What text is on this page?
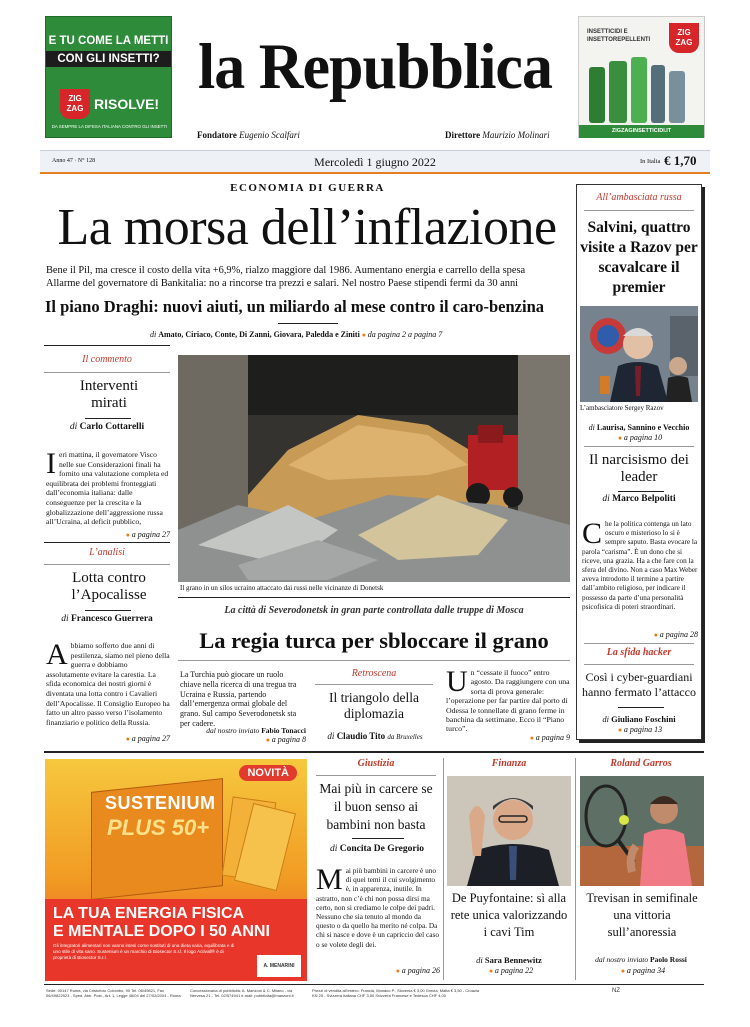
E TU COME LA METTI
CON GLI INSETTI?
ZIG ZAG RISOLVE!
DA SEMPRE LA DIFESA ITALIANA CONTRO GLI INSETTI
la Repubblica
Fondatore Eugenio Scalfari	Direttore Maurizio Molinari
INSETTICIDI E
INSETTOREPELLENTI
ZIG ZAG
ZIGZAGINSETTICIDI.IT
Anno 47 · N° 128	Mercoledì 1 giugno 2022	In Italia € 1,70
ECONOMIA DI GUERRA
La morsa dell’inflazione
Bene il Pil, ma cresce il costo della vita +6,9%, rialzo maggiore dal 1986. Aumentano energia e carrello della spesa
Allarme del governatore di Bankitalia: no a rincorse tra prezzi e salari. Nel nostro Paese stipendi fermi da 30 anni
Il piano Draghi: nuovi aiuti, un miliardo al mese contro il caro-benzina
di Amato, Ciriaco, Conte, Di Zanni, Giovara, Paledda e Ziniti ● da pagina 2 a pagina 7
Il commento
Interventi mirati
di Carlo Cottarelli
Ieri mattina, il governatore Visco nelle sue Considerazioni finali ha fornito una valutazione completa ed equilibrata dei problemi fronteggiati dall’economia italiana: dalle conseguenze per la crescita e la globalizzazione dell’aggressione russa all’Ucraina, al deficit pubblico,
● a pagina 27
L’analisi
Lotta contro l’Apocalisse
di Francesco Guerrera
Abbiamo sofferto due anni di pestilenza, siamo nel pieno della guerra e dobbiamo assolutamente evitare la carestia. La sfida economica dei nostri giorni è diventata una lotta contro i Cavalieri dell’Apocalisse. Il Consiglio Europeo ha fatto un altro passo verso l’isolamento finanziario e politico della Russia.
● a pagina 27
Il grano in un silos ucraino attaccato dai russi nelle vicinanze di Donetsk
La città di Severodonetsk in gran parte controllata dalle truppe di Mosca
La regia turca per sbloccare il grano
La Turchia può giocare un ruolo chiave nella ricerca di una tregua tra Ucraina e Russia, partendo dall’emergenza ormai globale del grano. Sul campo Severodonetsk sta per cadere.
dal nostro inviato Fabio Tonacci
● a pagina 8
Retroscena
Il triangolo della diplomazia
di Claudio Tito da Bruxelles
Un “cessate il fuoco” entro agosto. Da raggiungere con una sorta di prova generale: l’operazione per far partire dal porto di Odessa le tonnellate di grano ferme in banchina da settimane. Ecco il “Piano turco”.
● a pagina 9
All’ambasciata russa
Salvini, quattro visite a Razov per scavalcare il premier
L’ambasciatore Sergey Razov
di Laurisa, Sannino e Vecchio
● a pagina 10
Il narcisismo dei leader
di Marco Belpoliti
Che la politica contenga un lato oscuro e misterioso lo si è sempre saputo. Basta evocare la parola “carisma”. È un dono che si riceve, una grazia. Ha a che fare con la sfera del divino. Non a caso Max Weber aveva introdotto il termine a partire dall’ambito religioso, per indicare il possesso da parte d’una personalità psicofisica di poteri straordinari.
● a pagina 28
La sfida hacker
Così i cyber-guardiani hanno fermato l’attacco
di Giuliano Foschini
● a pagina 13
NOVITÀ
SUSTENIUM
PLUS 50+
LA TUA ENERGIA FISICA
E MENTALE DOPO I 50 ANNI
Gli integratori alimentari non vanno intesi come sostituti di una dieta varia, equilibrata e di uno stile di vita sano. Sustenium è un marchio di Biosector S.r.l. Il logo Activall® è di proprietà di Biosector S.r.l.
A. MENARINI
Giustizia
Mai più in carcere se il buon senso ai bambini non basta
di Concita De Gregorio
Mai più bambini in carcere è uno di quei temi il cui svolgimento è, in apparenza, inutile. In astratto, non c’è chi non possa dirsi ma certo, non si crediamo le colpe dei padri. Nessuno che sia tenuto al mondo da questo o da quello ha merito né colpa. Da chi si nasce e dove è un capriccio del caso o se volete degli dei.
● a pagina 26
Finanza
De Puyfontaine: sì alla rete unica valorizzando i cavi Tim
di Sara Bennewitz
● a pagina 22
Roland Garros
Trevisan in semifinale una vittoria sull’anoressia
dal nostro inviato Paolo Rossi
● a pagina 34
Sede: 00147 Roma, via Cristoforo Colombo, 90 Tel. 06/49821, Fax 06/49822923 - Sped. Abb. Post., Art. 1, Legge 46/04 del 27/02/2004 - Roma
Concessionaria di pubblicità: A. Manzoni & C. Milano - via Nervesa 21 - Tel. 02/574941 e-mail: pubblicita@manzoni.it
Prezzi di vendita all’estero: Francia, Monaco P., Slovenia € 3,00 Grecia, Malta € 3,50 - Croazia KN 25 - Svizzera Italiana CHF 3,50 Svizzera Francese e Tedesca CHF 4,00
NZ
